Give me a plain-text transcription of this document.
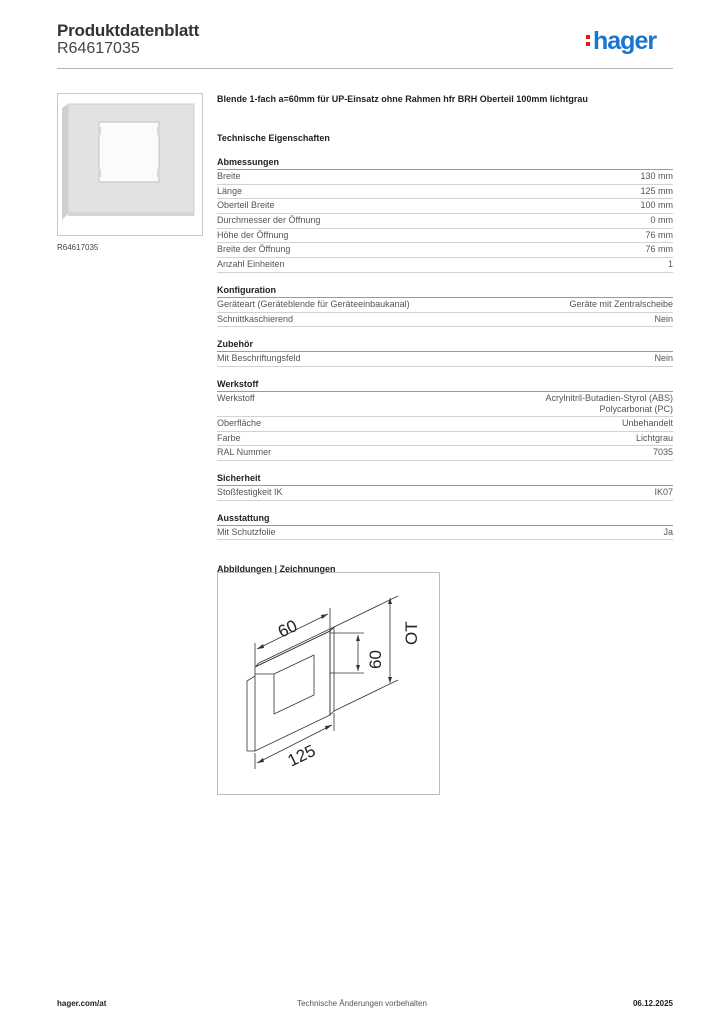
Produktdatenblatt
R64617035	hager
R64617035

Blende 1-fach a=60mm für UP-Einsatz ohne Rahmen hfr BRH Oberteil 100mm lichtgrau

Technische Eigenschaften

Abmessungen
Breite	130 mm
Länge	125 mm
Oberteil Breite	100 mm
Durchmesser der Öffnung	0 mm
Höhe der Öffnung	76 mm
Breite der Öffnung	76 mm
Anzahl Einheiten	1
Konfiguration
Geräteart (Geräteblende für Geräteeinbaukanal)	Geräte mit Zentralscheibe
Schnittkaschierend	Nein
Zubehör
Mit Beschriftungsfeld	Nein
Werkstoff
Werkstoff	Acrylnitril-Butadien-Styrol (ABS)
Polycarbonat (PC)
Oberfläche	Unbehandelt
Farbe	Lichtgrau
RAL Nummer	7035
Sicherheit
Stoßfestigkeit IK	IK07
Ausstattung
Mit Schutzfolie	Ja

Abbildungen | Zeichnungen

60
60
OT
125
hager.com/at	Technische Änderungen vorbehalten	06.12.2025
